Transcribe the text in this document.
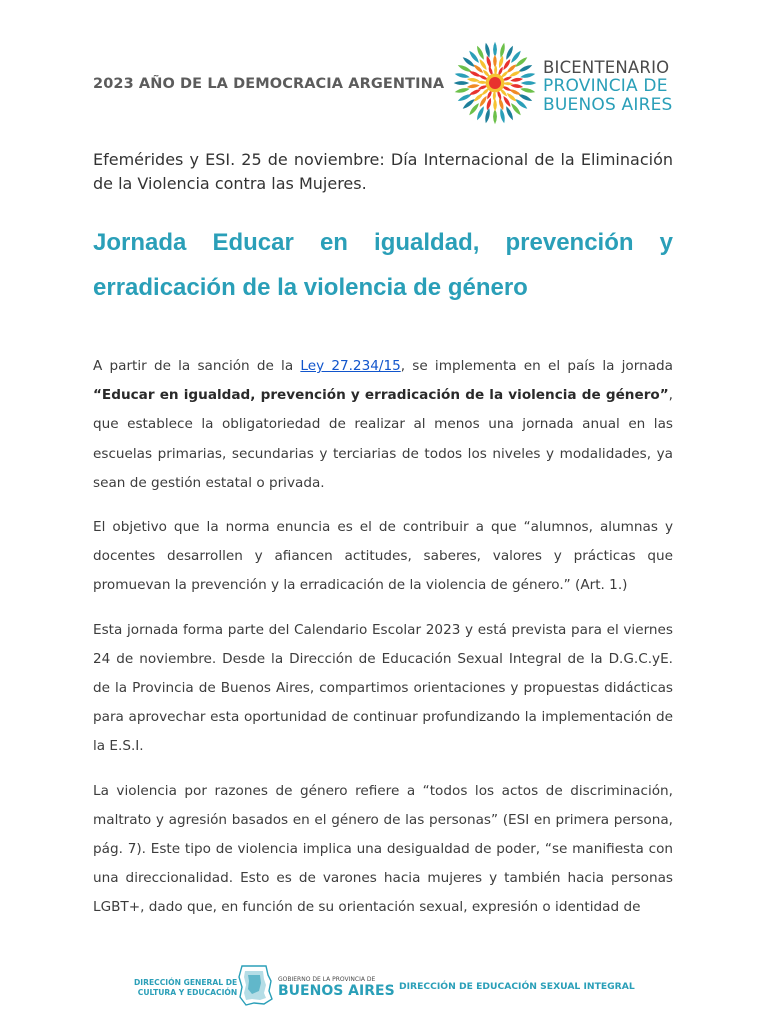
2023 AÑO DE LA DEMOCRACIA ARGENTINA
BICENTENARIO
PROVINCIA DE
BUENOS AIRES
Efemérides y ESI. 25 de noviembre: Día Internacional de la Eliminación de la Violencia contra las Mujeres.
Jornada Educar en igualdad, prevención y erradicación de la violencia de género

A partir de la sanción de la Ley 27.234/15, se implementa en el país la jornada “Educar en igualdad, prevención y erradicación de la violencia de género”, que establece la obligatoriedad de realizar al menos una jornada anual en las escuelas primarias, secundarias y terciarias de todos los niveles y modalidades, ya sean de gestión estatal o privada.

El objetivo que la norma enuncia es el de contribuir a que “alumnos, alumnas y docentes desarrollen y afiancen actitudes, saberes, valores y prácticas que promuevan la prevención y la erradicación de la violencia de género.” (Art. 1.)

Esta jornada forma parte del Calendario Escolar 2023 y está prevista para el viernes 24 de noviembre. Desde la Dirección de Educación Sexual Integral de la D.G.C.yE. de la Provincia de Buenos Aires, compartimos orientaciones y propuestas didácticas para aprovechar esta oportunidad de continuar profundizando la implementación de la E.S.I.

La violencia por razones de género refiere a “todos los actos de discriminación, maltrato y agresión basados en el género de las personas” (ESI en primera persona, pág. 7). Este tipo de violencia implica una desigualdad de poder, “se manifiesta con una direccionalidad. Esto es de varones hacia mujeres y también hacia personas LGBT+, dado que, en función de su orientación sexual, expresión o identidad de

DIRECCIÓN GENERAL DE
CULTURA Y EDUCACIÓN
GOBIERNO DE LA PROVINCIA DE
BUENOS AIRES DIRECCIÓN DE EDUCACIÓN SEXUAL INTEGRAL
